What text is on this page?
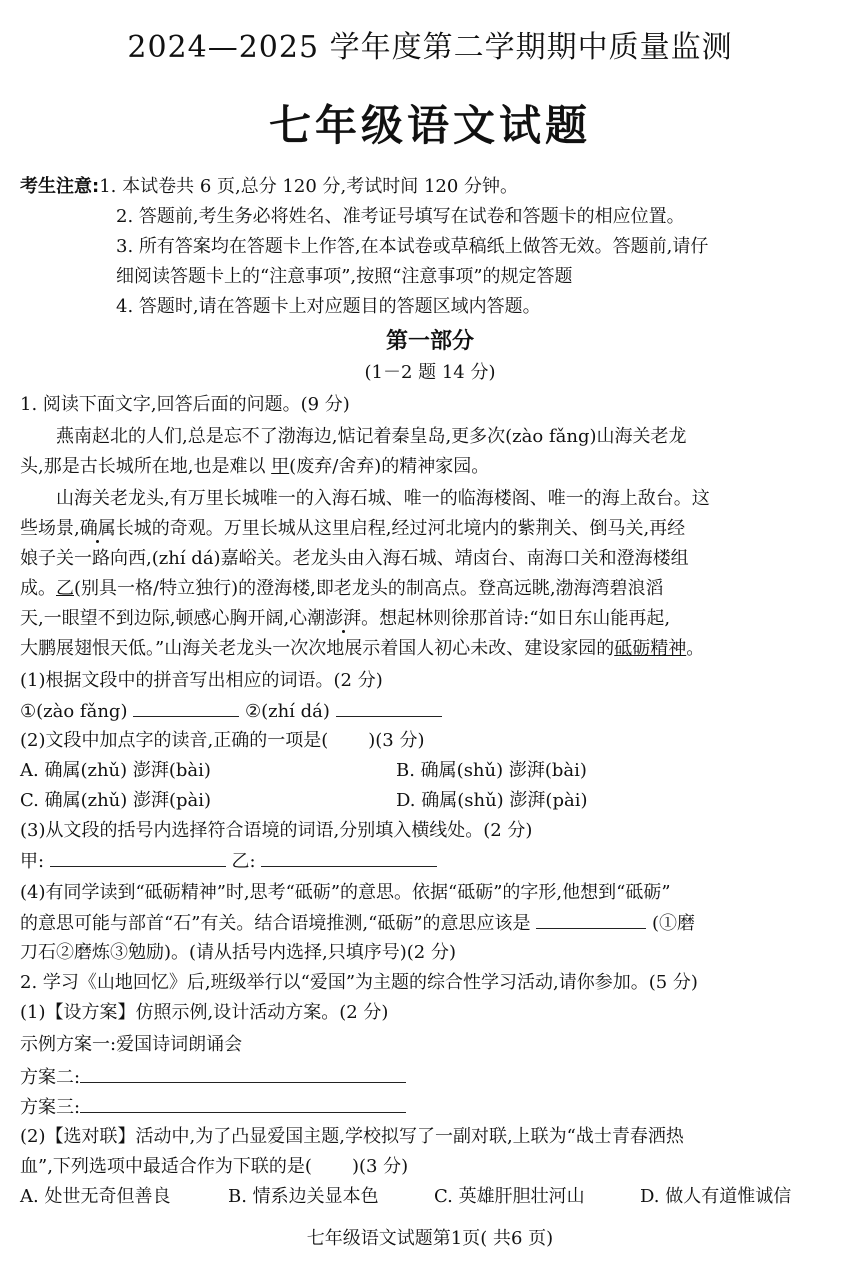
2024—2025 学年度第二学期期中质量监测
七年级语文试题
考生注意:1. 本试卷共 6 页,总分 120 分,考试时间 120 分钟。
2. 答题前,考生务必将姓名、准考证号填写在试卷和答题卡的相应位置。
3. 所有答案均在答题卡上作答,在本试卷或草稿纸上做答无效。答题前,请仔
细阅读答题卡上的“注意事项”,按照“注意事项”的规定答题
4. 答题时,请在答题卡上对应题目的答题区域内答题。
第一部分
(1－2 题 14 分)
1. 阅读下面文字,回答后面的问题。(9 分)
燕南赵北的人们,总是忘不了渤海边,惦记着秦皇岛,更多次(zào fǎng)山海关老龙
头,那是古长城所在地,也是难以 甲(废弃/舍弃)的精神家园。
山海关老龙头,有万里长城唯一的入海石城、唯一的临海楼阁、唯一的海上敌台。这
些场景,确属长城的奇观。万里长城从这里启程,经过河北境内的紫荆关、倒马关,再经
娘子关一路向西,(zhí dá)嘉峪关。老龙头由入海石城、靖卤台、南海口关和澄海楼组
成。乙(别具一格/特立独行)的澄海楼,即老龙头的制高点。登高远眺,渤海湾碧浪滔
天,一眼望不到边际,顿感心胸开阔,心潮澎湃。想起林则徐那首诗:“如日东山能再起,
大鹏展翅恨天低。”山海关老龙头一次次地展示着国人初心未改、建设家园的砥砺精神。
(1)根据文段中的拼音写出相应的词语。(2 分)
①(zào fǎng)	②(zhí dá)
(2)文段中加点字的读音,正确的一项是( )(3 分)
A. 确属(zhǔ) 澎湃(bài)	B. 确属(shǔ) 澎湃(bài)
C. 确属(zhǔ) 澎湃(pài)	D. 确属(shǔ) 澎湃(pài)
(3)从文段的括号内选择符合语境的词语,分别填入横线处。(2 分)
甲:	乙:
(4)有同学读到“砥砺精神”时,思考“砥砺”的意思。依据“砥砺”的字形,他想到“砥砺”
的意思可能与部首“石”有关。结合语境推测,“砥砺”的意思应该是	(①磨
刀石②磨炼③勉励)。(请从括号内选择,只填序号)(2 分)
2. 学习《山地回忆》后,班级举行以“爱国”为主题的综合性学习活动,请你参加。(5 分)
(1)【设方案】仿照示例,设计活动方案。(2 分)
示例方案一:爱国诗词朗诵会
方案二:
方案三:
(2)【选对联】活动中,为了凸显爱国主题,学校拟写了一副对联,上联为“战士青春洒热
血”,下列选项中最适合作为下联的是( )(3 分)
A. 处世无奇但善良	B. 情系边关显本色	C. 英雄肝胆壮河山	D. 做人有道惟诚信
七年级语文试题第1页( 共6 页)
